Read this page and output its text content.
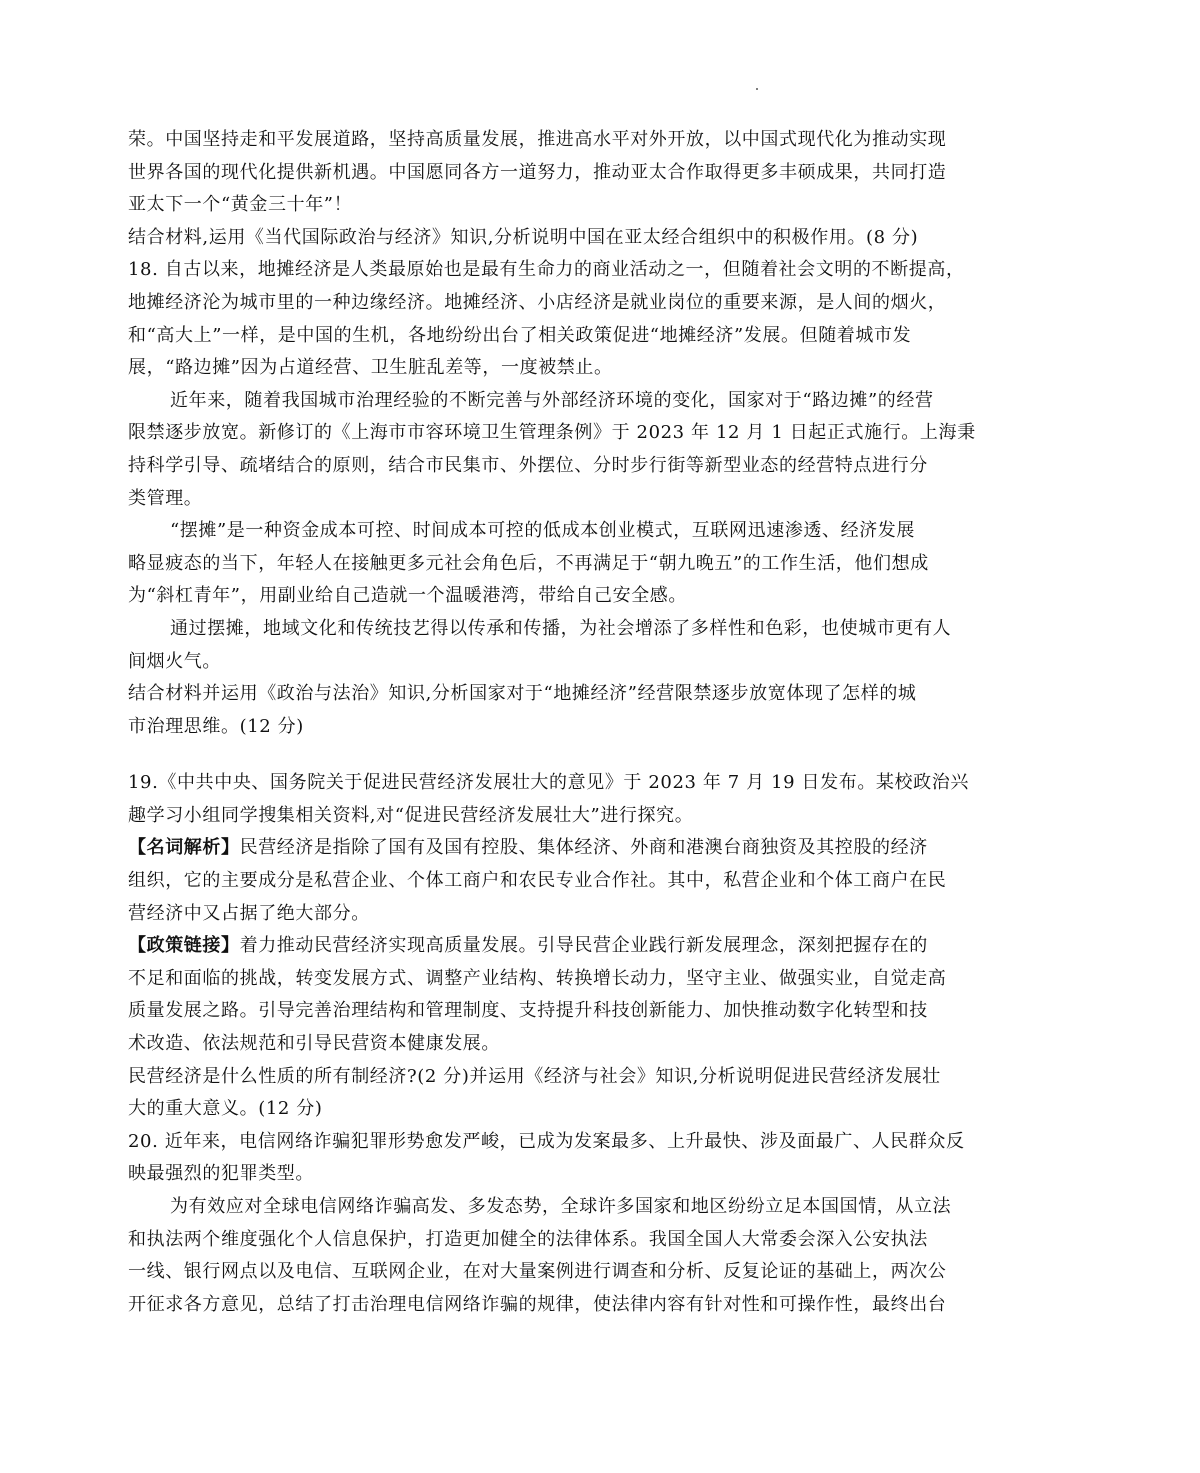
荣。中国坚持走和平发展道路，坚持高质量发展，推进高水平对外开放，以中国式现代化为推动实现
世界各国的现代化提供新机遇。中国愿同各方一道努力，推动亚太合作取得更多丰硕成果，共同打造
亚太下一个“黄金三十年”！
结合材料,运用《当代国际政治与经济》知识,分析说明中国在亚太经合组织中的积极作用。(8 分)
18. 自古以来，地摊经济是人类最原始也是最有生命力的商业活动之一，但随着社会文明的不断提高，
地摊经济沦为城市里的一种边缘经济。地摊经济、小店经济是就业岗位的重要来源，是人间的烟火，
和“高大上”一样，是中国的生机，各地纷纷出台了相关政策促进“地摊经济”发展。但随着城市发
展，“路边摊”因为占道经营、卫生脏乱差等，一度被禁止。
近年来，随着我国城市治理经验的不断完善与外部经济环境的变化，国家对于“路边摊”的经营
限禁逐步放宽。新修订的《上海市市容环境卫生管理条例》于 2023 年 12 月 1 日起正式施行。上海秉
持科学引导、疏堵结合的原则，结合市民集市、外摆位、分时步行街等新型业态的经营特点进行分
类管理。
“摆摊”是一种资金成本可控、时间成本可控的低成本创业模式，互联网迅速渗透、经济发展
略显疲态的当下，年轻人在接触更多元社会角色后，不再满足于“朝九晚五”的工作生活，他们想成
为“斜杠青年”，用副业给自己造就一个温暖港湾，带给自己安全感。
通过摆摊，地域文化和传统技艺得以传承和传播，为社会增添了多样性和色彩，也使城市更有人
间烟火气。
结合材料并运用《政治与法治》知识,分析国家对于“地摊经济”经营限禁逐步放宽体现了怎样的城
市治理思维。(12 分)
19.《中共中央、国务院关于促进民营经济发展壮大的意见》于 2023 年 7 月 19 日发布。某校政治兴
趣学习小组同学搜集相关资料,对“促进民营经济发展壮大”进行探究。
【名词解析】民营经济是指除了国有及国有控股、集体经济、外商和港澳台商独资及其控股的经济
组织，它的主要成分是私营企业、个体工商户和农民专业合作社。其中，私营企业和个体工商户在民
营经济中又占据了绝大部分。
【政策链接】着力推动民营经济实现高质量发展。引导民营企业践行新发展理念，深刻把握存在的
不足和面临的挑战，转变发展方式、调整产业结构、转换增长动力，坚守主业、做强实业，自觉走高
质量发展之路。引导完善治理结构和管理制度、支持提升科技创新能力、加快推动数字化转型和技
术改造、依法规范和引导民营资本健康发展。
民营经济是什么性质的所有制经济?(2 分)并运用《经济与社会》知识,分析说明促进民营经济发展壮
大的重大意义。(12 分)
20. 近年来，电信网络诈骗犯罪形势愈发严峻，已成为发案最多、上升最快、涉及面最广、人民群众反
映最强烈的犯罪类型。
为有效应对全球电信网络诈骗高发、多发态势，全球许多国家和地区纷纷立足本国国情，从立法
和执法两个维度强化个人信息保护，打造更加健全的法律体系。我国全国人大常委会深入公安执法
一线、银行网点以及电信、互联网企业，在对大量案例进行调查和分析、反复论证的基础上，两次公
开征求各方意见，总结了打击治理电信网络诈骗的规律，使法律内容有针对性和可操作性，最终出台
